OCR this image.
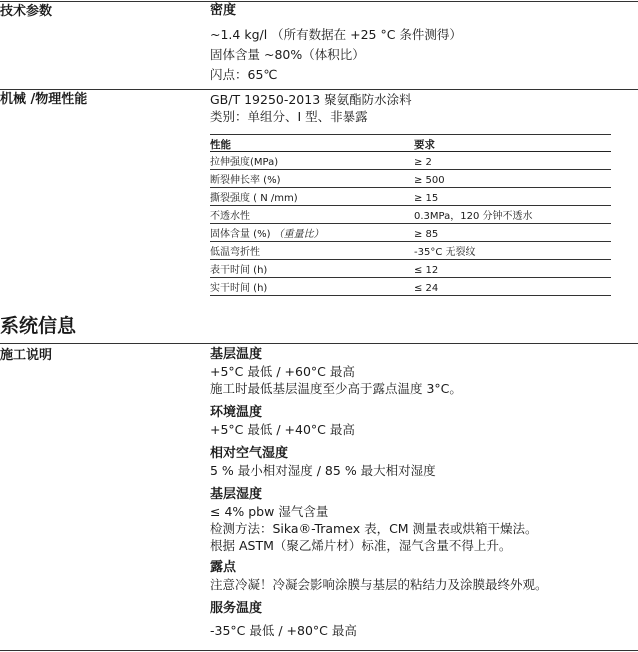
技术参数	密度
~1.4 kg/l （所有数据在 +25 °C 条件测得）
固体含量 ~80%（体积比）
闪点：65℃
机械 /物理性能	GB/T 19250-2013 聚氨酯防水涂料
类别：单组分、I 型、非暴露
性能	要求
拉伸强度(MPa)	≥ 2
断裂伸长率 (%)	≥ 500
撕裂强度 ( N /mm)	≥ 15
不透水性	0.3MPa，120 分钟不透水
固体含量 (%) （重量比）	≥ 85
低温弯折性	-35°C 无裂纹
表干时间 (h)	≤ 12
实干时间 (h)	≤ 24
系统信息
施工说明	基层温度
+5°C 最低 / +60°C 最高
施工时最低基层温度至少高于露点温度 3°C。
环境温度
+5°C 最低 / +40°C 最高
相对空气湿度
5 % 最小相对湿度 / 85 % 最大相对湿度
基层湿度
≤ 4% pbw 湿气含量
检测方法：Sika®-Tramex 表，CM 测量表或烘箱干燥法。
根据 ASTM（聚乙烯片材）标准，湿气含量不得上升。
露点
注意冷凝！冷凝会影响涂膜与基层的粘结力及涂膜最终外观。
服务温度
-35°C 最低 / +80°C 最高
